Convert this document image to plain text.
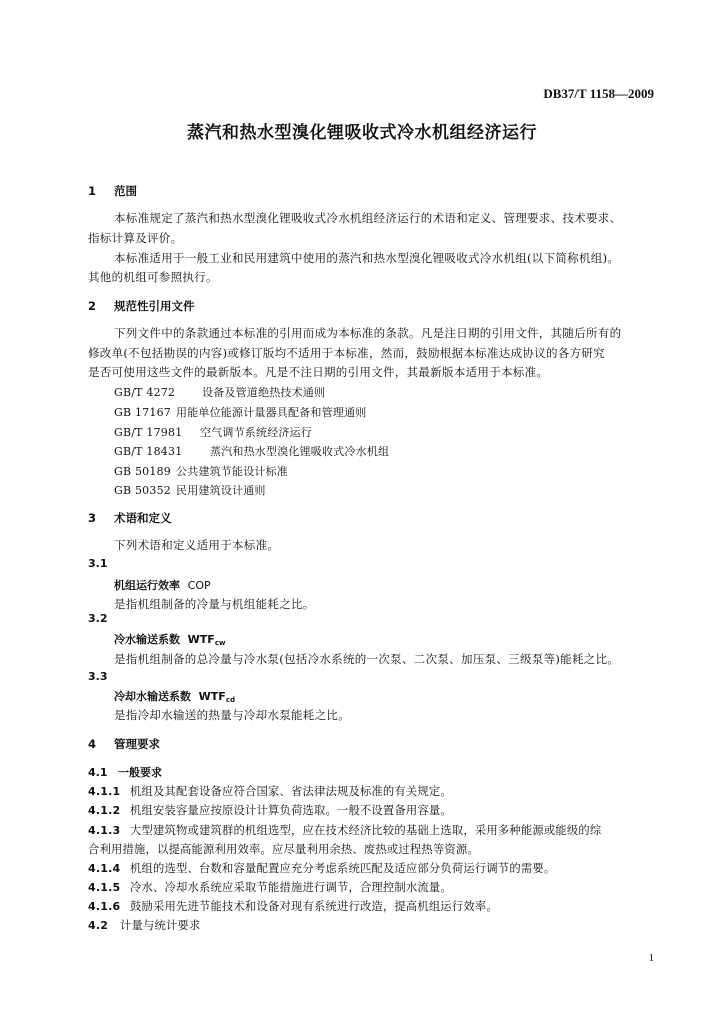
DB37/T 1158—2009
蒸汽和热水型溴化锂吸收式冷水机组经济运行
1 范围
本标准规定了蒸汽和热水型溴化锂吸收式冷水机组经济运行的术语和定义、管理要求、技术要求、
指标计算及评价。
本标准适用于一般工业和民用建筑中使用的蒸汽和热水型溴化锂吸收式冷水机组(以下简称机组)。
其他的机组可参照执行。
2 规范性引用文件
下列文件中的条款通过本标准的引用而成为本标准的条款。凡是注日期的引用文件，其随后所有的
修改单(不包括勘误的内容)或修订版均不适用于本标准，然而，鼓励根据本标准达成协议的各方研究
是否可使用这些文件的最新版本。凡是不注日期的引用文件，其最新版本适用于本标准。
GB/T 4272 设备及管道绝热技术通则
GB 17167 用能单位能源计量器具配备和管理通则
GB/T 17981 空气调节系统经济运行
GB/T 18431	蒸汽和热水型溴化锂吸收式冷水机组
GB 50189 公共建筑节能设计标准
GB 50352 民用建筑设计通则
3 术语和定义
下列术语和定义适用于本标准。
3.1
机组运行效率 COP
是指机组制备的冷量与机组能耗之比。
3.2
冷水输送系数 $WTF_{cw}$
是指机组制备的总冷量与冷水泵(包括冷水系统的一次泵、二次泵、加压泵、三级泵等)能耗之比。
3.3
冷却水输送系数 $WTF_{cd}$
是指冷却水输送的热量与冷却水泵能耗之比。
4 管理要求
4.1 一般要求
4.1.1 机组及其配套设备应符合国家、省法律法规及标准的有关规定。
4.1.2 机组安装容量应按原设计计算负荷选取。一般不设置备用容量。
4.1.3 大型建筑物或建筑群的机组选型，应在技术经济比较的基础上选取，采用多种能源或能级的综
合利用措施，以提高能源利用效率。应尽量利用余热、废热或过程热等资源。
4.1.4 机组的选型、台数和容量配置应充分考虑系统匹配及适应部分负荷运行调节的需要。
4.1.5 冷水、冷却水系统应采取节能措施进行调节，合理控制水流量。
4.1.6 鼓励采用先进节能技术和设备对现有系统进行改造，提高机组运行效率。
4.2 计量与统计要求
1
